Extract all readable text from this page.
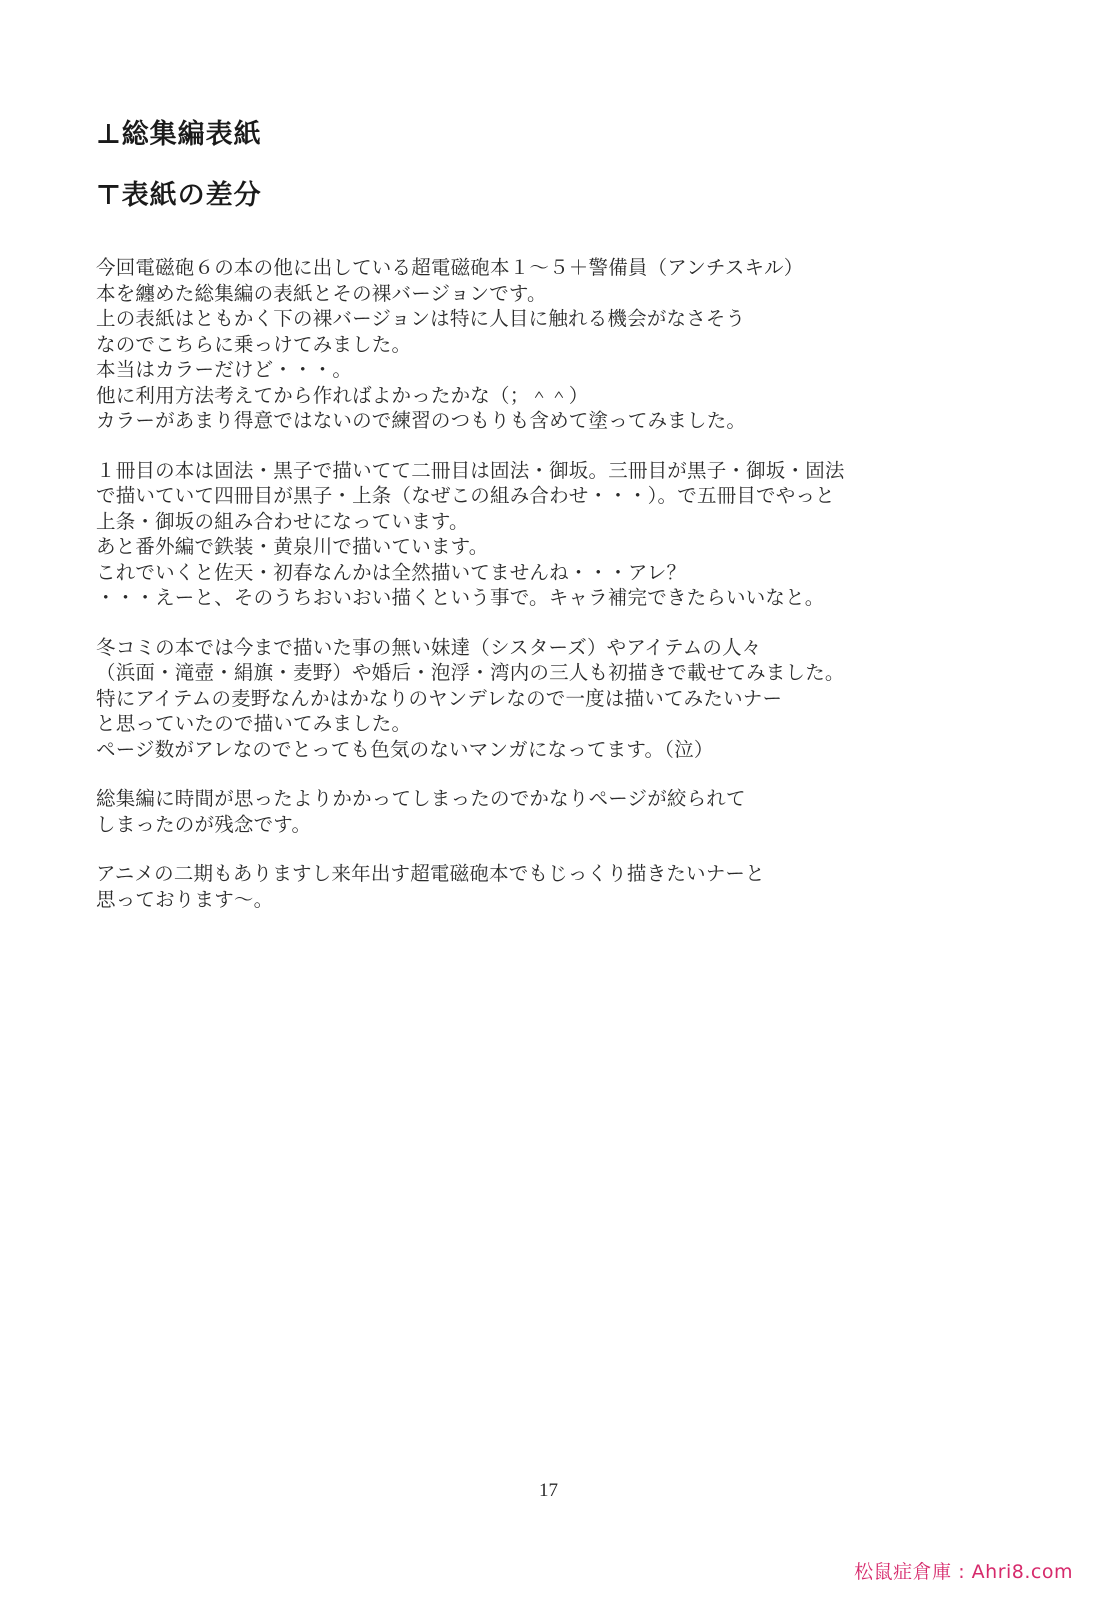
⊥総集編表紙
⊤表紙の差分

今回電磁砲６の本の他に出している超電磁砲本１〜５＋警備員（アンチスキル）

本を纏めた総集編の表紙とその裸バージョンです。

上の表紙はともかく下の裸バージョンは特に人目に触れる機会がなさそう

なのでこちらに乗っけてみました。

本当はカラーだけど・・・。

他に利用方法考えてから作ればよかったかな（；＾＾）

カラーがあまり得意ではないので練習のつもりも含めて塗ってみました。

１冊目の本は固法・黒子で描いてて二冊目は固法・御坂。三冊目が黒子・御坂・固法

で描いていて四冊目が黒子・上条（なぜこの組み合わせ・・・）。で五冊目でやっと

上条・御坂の組み合わせになっています。

あと番外編で鉄装・黄泉川で描いています。

これでいくと佐天・初春なんかは全然描いてませんね・・・アレ？

・・・えーと、そのうちおいおい描くという事で。キャラ補完できたらいいなと。

冬コミの本では今まで描いた事の無い妹達（シスターズ）やアイテムの人々

（浜面・滝壺・絹旗・麦野）や婚后・泡浮・湾内の三人も初描きで載せてみました。

特にアイテムの麦野なんかはかなりのヤンデレなので一度は描いてみたいナー

と思っていたので描いてみました。

ページ数がアレなのでとっても色気のないマンガになってます。（泣）

総集編に時間が思ったよりかかってしまったのでかなりページが絞られて

しまったのが残念です。

アニメの二期もありますし来年出す超電磁砲本でもじっくり描きたいナーと

思っております〜。

17
松鼠症倉庫 : Ahri8.com
